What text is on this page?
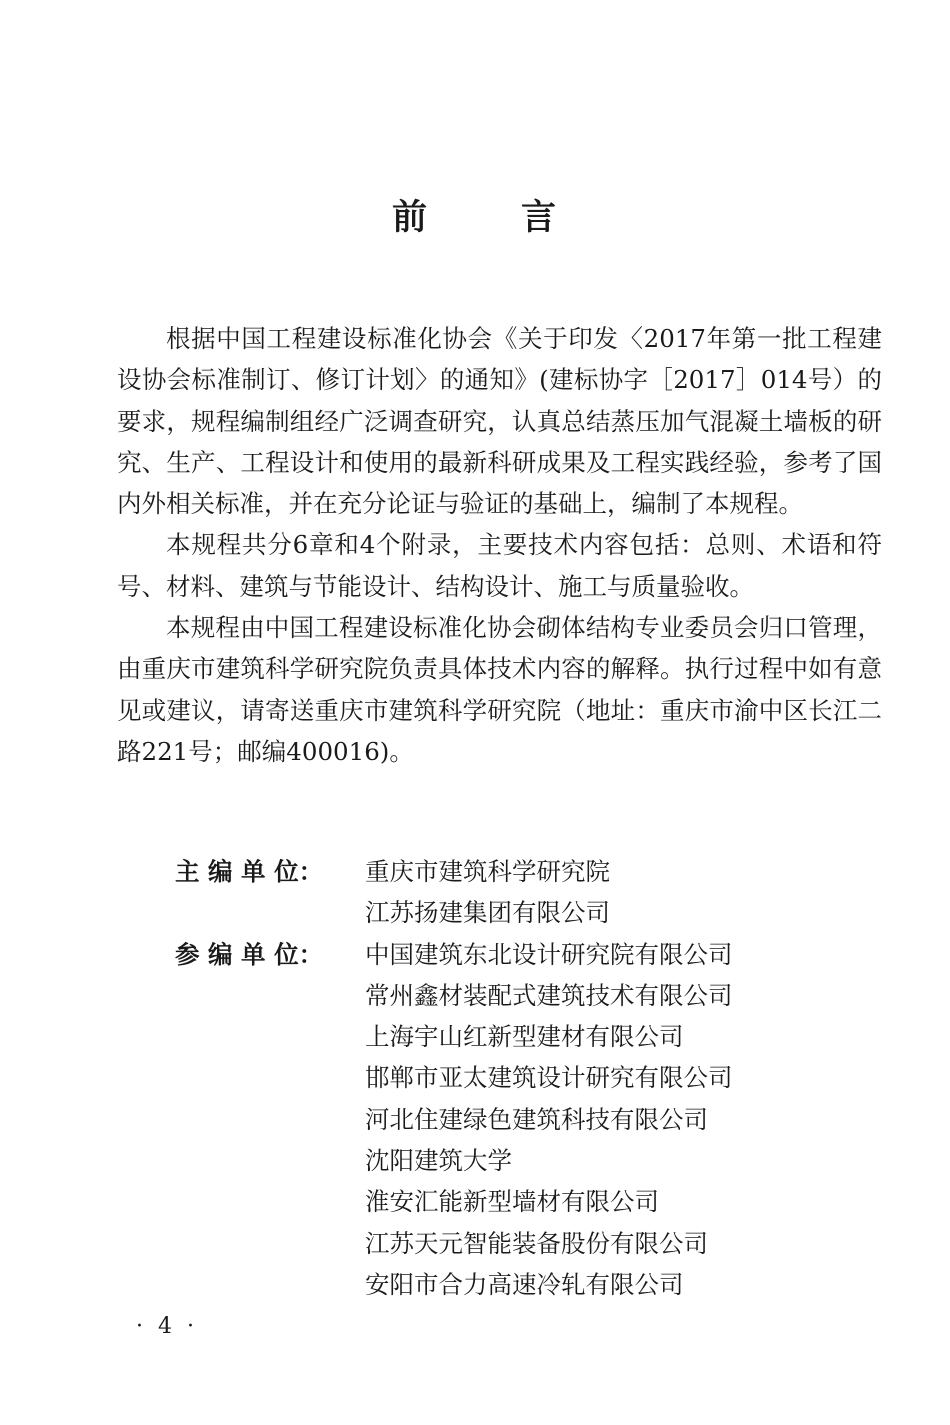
前	言

根据中国工程建设标准化协会《关于印发〈2017年第一批工程建设协会标准制订、修订计划〉的通知》(建标协字［2017］014号）的要求，规程编制组经广泛调查研究，认真总结蒸压加气混凝土墙板的研究、生产、工程设计和使用的最新科研成果及工程实践经验，参考了国内外相关标准，并在充分论证与验证的基础上，编制了本规程。

本规程共分6章和4个附录，主要技术内容包括：总则、术语和符号、材料、建筑与节能设计、结构设计、施工与质量验收。

本规程由中国工程建设标准化协会砌体结构专业委员会归口管理，由重庆市建筑科学研究院负责具体技术内容的解释。执行过程中如有意见或建议，请寄送重庆市建筑科学研究院（地址：重庆市渝中区长江二路221号；邮编400016)。

主 编 单 位：	重庆市建筑科学研究院
江苏扬建集团有限公司
参 编 单 位：	中国建筑东北设计研究院有限公司
常州鑫材装配式建筑技术有限公司
上海宇山红新型建材有限公司
邯郸市亚太建筑设计研究有限公司
河北住建绿色建筑科技有限公司
沈阳建筑大学
淮安汇能新型墙材有限公司
江苏天元智能装备股份有限公司
安阳市合力高速冷轧有限公司
· 4 ·
